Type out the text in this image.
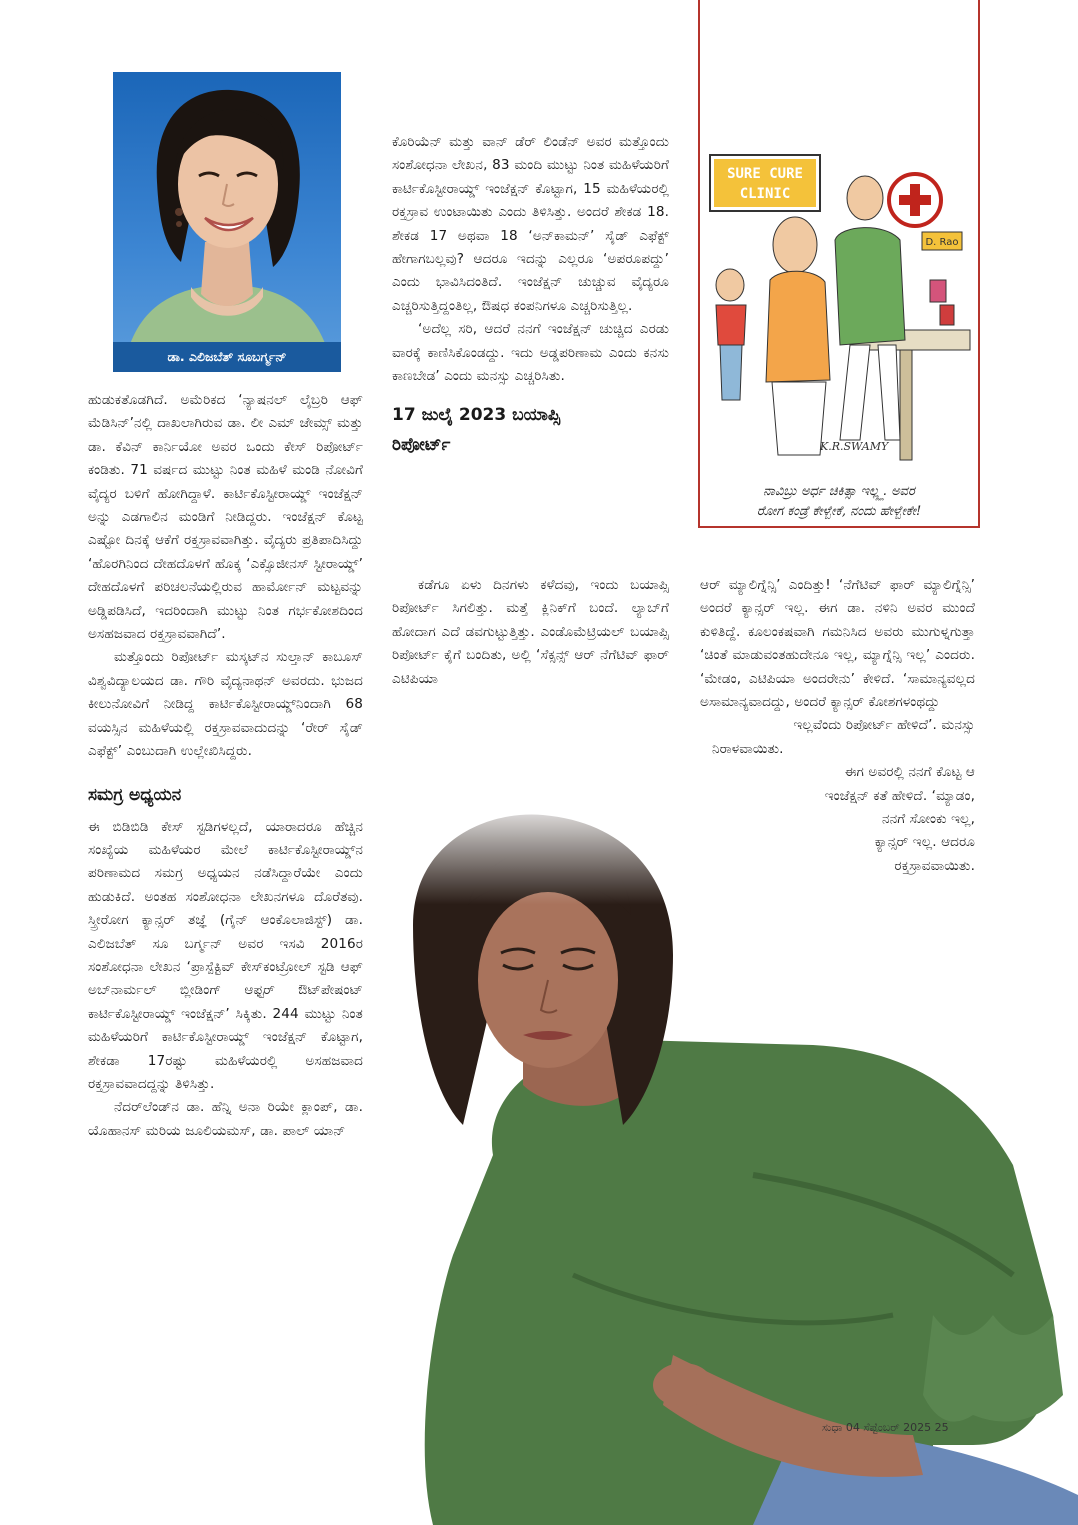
ಡಾ. ಎಲಿಜಬೆತ್ ಸೂಬರ್ಗ್ಮನ್
SURE CURE
CLINIC
D. Rao
K.R.SWAMY
ನಾವಿಬ್ರು ಅರ್ಧ ಚಿಕಿತ್ಸಾ ಇಲ್ಲ್ಲ್ಲ. ಅವರ
ರೋಗ ಕಂಡ್ರೆ ಕೇಳ್ಬೇಕೆ, ನಂದು ಹೇಳ್ಬೇಕೇ!

ಹುಡುಕತೊಡಗಿದೆ. ಅಮೆರಿಕದ ‘ನ್ಯಾಷನಲ್ ಲೈಬ್ರರಿ ಆಫ್ ಮೆಡಿಸಿನ್’ನಲ್ಲಿ ದಾಖಲಾಗಿರುವ ಡಾ. ಲೀ ಎಮ್ ಜೇಮ್ಸ್ ಮತ್ತು ಡಾ. ಕೆವಿನ್ ಕಾರ್ನಿಯೋ ಅವರ ಒಂದು ಕೇಸ್ ರಿಪೋರ್ಟ್ ಕಂಡಿತು. 71 ವರ್ಷದ ಮುಟ್ಟು ನಿಂತ ಮಹಿಳೆ ಮಂಡಿ ನೋವಿಗೆ ವೈದ್ಯರ ಬಳಿಗೆ ಹೋಗಿದ್ದಾಳೆ. ಕಾರ್ಟಿಕೊಸ್ಟೀರಾಯ್ಡ್ ಇಂಜೆಕ್ಷನ್ ಅನ್ನು ಎಡಗಾಲಿನ ಮಂಡಿಗೆ ನೀಡಿದ್ದರು. ಇಂಜೆಕ್ಷನ್ ಕೊಟ್ಟ ಎಷ್ಟೋ ದಿನಕ್ಕೆ ಆಕೆಗೆ ರಕ್ತಸ್ರಾವವಾಗಿತ್ತು. ವೈದ್ಯರು ಪ್ರತಿಪಾದಿಸಿದ್ದು ‘ಹೊರಗಿನಿಂದ ದೇಹದೊಳಗೆ ಹೊಕ್ಕ ‘ಎಕ್ಸೊಜೀನಸ್ ಸ್ಟೀರಾಯ್ಡ್’ ದೇಹದೊಳಗೆ ಪರಿಚಲನೆಯಲ್ಲಿರುವ ಹಾರ್ಮೋನ್ ಮಟ್ಟವನ್ನು ಅಡ್ಡಿಪಡಿಸಿದೆ, ಇದರಿಂದಾಗಿ ಮುಟ್ಟು ನಿಂತ ಗರ್ಭಕೋಶದಿಂದ ಅಸಹಜವಾದ ರಕ್ತಸ್ರಾವವಾಗಿದೆ’.

ಮತ್ತೊಂದು ರಿಪೋರ್ಟ್ ಮಸ್ಕಟ್‌ನ ಸುಲ್ತಾನ್ ಕಾಬೂಸ್ ವಿಶ್ವವಿದ್ಯಾಲಯದ ಡಾ. ಗೌರಿ ವೈದ್ಯನಾಥನ್ ಅವರದು. ಭುಜದ ಕೀಲುನೋವಿಗೆ ನೀಡಿದ್ದ ಕಾರ್ಟಿಕೊಸ್ಟೀರಾಯ್ಡ್‌ನಿಂದಾಗಿ 68 ವಯಸ್ಸಿನ ಮಹಿಳೆಯಲ್ಲಿ ರಕ್ತಸ್ರಾವವಾದುದನ್ನು ‘ರೇರ್ ಸೈಡ್ ಎಫೆಕ್ಟ್’ ಎಂಬುದಾಗಿ ಉಲ್ಲೇಖಿಸಿದ್ದರು.

ಸಮಗ್ರ ಅಧ್ಯಯನ

ಈ ಬಿಡಿಬಿಡಿ ಕೇಸ್ ಸ್ಟಡಿಗಳಲ್ಲದೆ, ಯಾರಾದರೂ ಹೆಚ್ಚಿನ ಸಂಖ್ಯೆಯ ಮಹಿಳೆಯರ ಮೇಲೆ ಕಾರ್ಟಿಕೊಸ್ಟೀರಾಯ್ಡ್‌ನ ಪರಿಣಾಮದ ಸಮಗ್ರ ಅಧ್ಯಯನ ನಡೆಸಿದ್ದಾರೆಯೇ ಎಂದು ಹುಡುಕಿದೆ. ಅಂತಹ ಸಂಶೋಧನಾ ಲೇಖನಗಳೂ ದೊರೆತವು. ಸ್ತ್ರೀರೋಗ ಕ್ಯಾನ್ಸರ್ ತಜ್ಞೆ (ಗೈನ್ ಆಂಕೊಲಾಜಿಸ್ಟ್) ಡಾ. ಎಲಿಜಬೆತ್ ಸೂ ಬರ್ಗ್ಮನ್ ಅವರ ಇಸವಿ 2016ರ ಸಂಶೋಧನಾ ಲೇಖನ ‘ಪ್ರಾಸ್ಪೆಕ್ಟಿವ್ ಕೇಸ್‌ಕಂಟ್ರೋಲ್ ಸ್ಟಡಿ ಆಫ್ ಅಬ್‌ನಾರ್ಮಲ್ ಬ್ಲೀಡಿಂಗ್ ಆಫ್ಟರ್ ಔಟ್‌ಪೇಷಂಟ್ ಕಾರ್ಟಿಕೊಸ್ಟೀರಾಯ್ಡ್ ಇಂಜೆಕ್ಷನ್’ ಸಿಕ್ಕಿತು. 244 ಮುಟ್ಟು ನಿಂತ ಮಹಿಳೆಯರಿಗೆ ಕಾರ್ಟಿಕೊಸ್ಟೀರಾಯ್ಡ್ ಇಂಜೆಕ್ಷನ್ ಕೊಟ್ಟಾಗ, ಶೇಕಡಾ 17ರಷ್ಟು ಮಹಿಳೆಯರಲ್ಲಿ ಅಸಹಜವಾದ ರಕ್ತಸ್ರಾವವಾದದ್ದನ್ನು ತಿಳಿಸಿತ್ತು.

ನೆದರ್‌ಲೆಂಡ್‌ನ ಡಾ. ಹೆನ್ನಿ ಅನಾ ರಿಯೇ ಕ್ಲಾಂಪ್, ಡಾ. ಯೊಹಾನಸ್ ಮರಿಯ ಜೂಲಿಯಮಸ್, ಡಾ. ಪಾಲ್ ಯಾನ್

ಕೊರಿಯೆನ್ ಮತ್ತು ವಾನ್ ಡೆರ್ ಲಿಂಡೆನ್ ಅವರ ಮತ್ತೊಂದು ಸಂಶೋಧನಾ ಲೇಖನ, 83 ಮಂದಿ ಮುಟ್ಟು ನಿಂತ ಮಹಿಳೆಯರಿಗೆ ಕಾರ್ಟಿಕೊಸ್ಟೀರಾಯ್ಡ್ ಇಂಜೆಕ್ಷನ್ ಕೊಟ್ಟಾಗ, 15 ಮಹಿಳೆಯರಲ್ಲಿ ರಕ್ತಸ್ರಾವ ಉಂಟಾಯಿತು ಎಂದು ತಿಳಿಸಿತ್ತು. ಅಂದರೆ ಶೇಕಡ 18. ಶೇಕಡ 17 ಅಥವಾ 18 ‘ಅನ್‌ಕಾಮನ್’ ಸೈಡ್ ಎಫೆಕ್ಟ್ ಹೇಗಾಗಬಲ್ಲವು? ಆದರೂ ಇದನ್ನು ಎಲ್ಲರೂ ‘ಅಪರೂಪದ್ದು’ ಎಂದು ಭಾವಿಸಿದಂತಿದೆ. ಇಂಜೆಕ್ಷನ್ ಚುಚ್ಚುವ ವೈದ್ಯರೂ ಎಚ್ಚರಿಸುತ್ತಿದ್ದಂತಿಲ್ಲ, ಔಷಧ ಕಂಪನಿಗಳೂ ಎಚ್ಚರಿಸುತ್ತಿಲ್ಲ.

‘ಅದೆಲ್ಲ ಸರಿ, ಆದರೆ ನನಗೆ ಇಂಜೆಕ್ಷನ್ ಚುಚ್ಚಿದ ಎರಡು ವಾರಕ್ಕೆ ಕಾಣಿಸಿಕೊಂಡದ್ದು. ಇದು ಅಡ್ಡಪರಿಣಾಮ ಎಂದು ಕನಸು ಕಾಣಬೇಡ’ ಎಂದು ಮನಸ್ಸು ಎಚ್ಚರಿಸಿತು.

17 ಜುಲೈ 2023 ಬಯಾಪ್ಸಿ

ರಿಪೋರ್ಟ್

ಕಡೆಗೂ ಏಳು ದಿನಗಳು ಕಳೆದವು, ಇಂದು ಬಯಾಪ್ಸಿ ರಿಪೋರ್ಟ್ ಸಿಗಲಿತ್ತು. ಮತ್ತೆ ಕ್ಲಿನಿಕ್‌ಗೆ ಬಂದೆ. ಲ್ಯಾಬ್‌ಗೆ ಹೋದಾಗ ಎದೆ ಡವಗುಟ್ಟುತ್ತಿತ್ತು. ಎಂಡೊಮೆಟ್ರಿಯಲ್ ಬಯಾಪ್ಸಿ ರಿಪೋರ್ಟ್ ಕೈಗೆ ಬಂದಿತು, ಅಲ್ಲಿ ‘ಸೆಕ್ಸನ್ಸ್ ಆರ್ ನೆಗೆಟಿವ್ ಫಾರ್ ಎಟಿಪಿಯಾ

ಆರ್ ಮ್ಯಾಲಿಗ್ನೆನ್ಸಿ’ ಎಂದಿತ್ತು! ‘ನೆಗೆಟಿವ್ ಫಾರ್ ಮ್ಯಾಲಿಗ್ನೆನ್ಸಿ’ ಅಂದರೆ ಕ್ಯಾನ್ಸರ್ ಇಲ್ಲ. ಈಗ ಡಾ. ನಳಿನಿ ಅವರ ಮುಂದೆ ಕುಳಿತಿದ್ದೆ. ಕೂಲಂಕಷವಾಗಿ ಗಮನಿಸಿದ ಅವರು ಮುಗುಳ್ನಗುತ್ತಾ ‘ಚಿಂತೆ ಮಾಡುವಂತಹುದೇನೂ ಇಲ್ಲ, ಮ್ಯಾಗ್ನೆನ್ಸಿ ಇಲ್ಲ’ ಎಂದರು. ‘ಮೇಡಂ, ಎಟಿಪಿಯಾ ಅಂದರೇನು’ ಕೇಳಿದೆ. ‘ಸಾಮಾನ್ಯವಲ್ಲದ ಅಸಾಮಾನ್ಯವಾದದ್ದು, ಅಂದರೆ ಕ್ಯಾನ್ಸರ್ ಕೋಶಗಳಂಥದ್ದು

ಇಲ್ಲವೆಂದು ರಿಪೋರ್ಟ್ ಹೇಳಿದೆ’. ಮನಸ್ಸು

ನಿರಾಳವಾಯಿತು.

ಈಗ ಅವರಲ್ಲಿ ನನಗೆ ಕೊಟ್ಟ ಆ

ಇಂಜೆಕ್ಷನ್ ಕತೆ ಹೇಳಿದೆ. ‘ಮ್ಯಾಡಂ,

ನನಗೆ ಸೋಂಕು ಇಲ್ಲ,

ಕ್ಯಾನ್ಸರ್ ಇಲ್ಲ. ಆದರೂ

ರಕ್ತಸ್ರಾವವಾಯಿತು.

ಸುಧಾ 04 ಸೆಪ್ಟೆಂಬರ್ 2025 25
